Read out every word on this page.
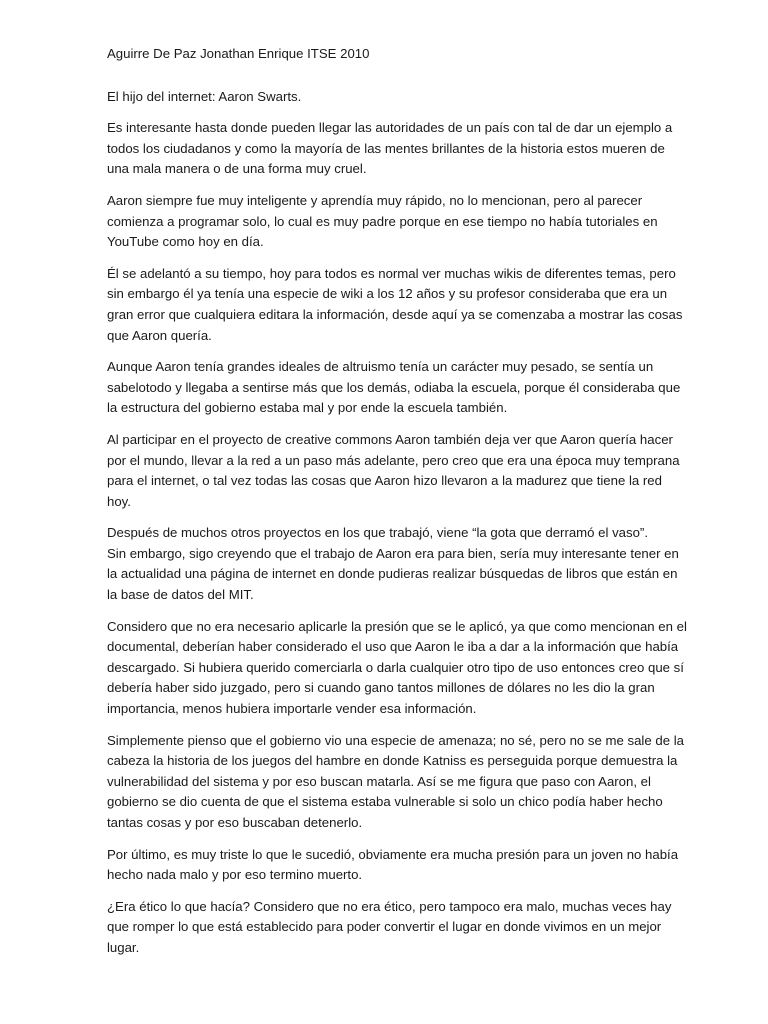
Aguirre De Paz Jonathan Enrique ITSE 2010
El hijo del internet: Aaron Swarts.
Es interesante hasta donde pueden llegar las autoridades de un país con tal de dar un ejemplo a
todos los ciudadanos y como la mayoría de las mentes brillantes de la historia estos mueren de
una mala manera o de una forma muy cruel.
Aaron siempre fue muy inteligente y aprendía muy rápido, no lo mencionan, pero al parecer
comienza a programar solo, lo cual es muy padre porque en ese tiempo no había tutoriales en
YouTube como hoy en día.
Él se adelantó a su tiempo, hoy para todos es normal ver muchas wikis de diferentes temas, pero
sin embargo él ya tenía una especie de wiki a los 12 años y su profesor consideraba que era un
gran error que cualquiera editara la información, desde aquí ya se comenzaba a mostrar las cosas
que Aaron quería.
Aunque Aaron tenía grandes ideales de altruismo tenía un carácter muy pesado, se sentía un
sabelotodo y llegaba a sentirse más que los demás, odiaba la escuela, porque él consideraba que
la estructura del gobierno estaba mal y por ende la escuela también.
Al participar en el proyecto de creative commons Aaron también deja ver que Aaron quería hacer
por el mundo, llevar a la red a un paso más adelante, pero creo que era una época muy temprana
para el internet, o tal vez todas las cosas que Aaron hizo llevaron a la madurez que tiene la red
hoy.
Después de muchos otros proyectos en los que trabajó, viene “la gota que derramó el vaso”.
Sin embargo, sigo creyendo que el trabajo de Aaron era para bien, sería muy interesante tener en
la actualidad una página de internet en donde pudieras realizar búsquedas de libros que están en
la base de datos del MIT.
Considero que no era necesario aplicarle la presión que se le aplicó, ya que como mencionan en el
documental, deberían haber considerado el uso que Aaron le iba a dar a la información que había
descargado. Si hubiera querido comerciarla o darla cualquier otro tipo de uso entonces creo que sí
debería haber sido juzgado, pero si cuando gano tantos millones de dólares no les dio la gran
importancia, menos hubiera importarle vender esa información.
Simplemente pienso que el gobierno vio una especie de amenaza; no sé, pero no se me sale de la
cabeza la historia de los juegos del hambre en donde Katniss es perseguida porque demuestra la
vulnerabilidad del sistema y por eso buscan matarla. Así se me figura que paso con Aaron, el
gobierno se dio cuenta de que el sistema estaba vulnerable si solo un chico podía haber hecho
tantas cosas y por eso buscaban detenerlo.
Por último, es muy triste lo que le sucedió, obviamente era mucha presión para un joven no había
hecho nada malo y por eso termino muerto.
¿Era ético lo que hacía? Considero que no era ético, pero tampoco era malo, muchas veces hay
que romper lo que está establecido para poder convertir el lugar en donde vivimos en un mejor
lugar.
